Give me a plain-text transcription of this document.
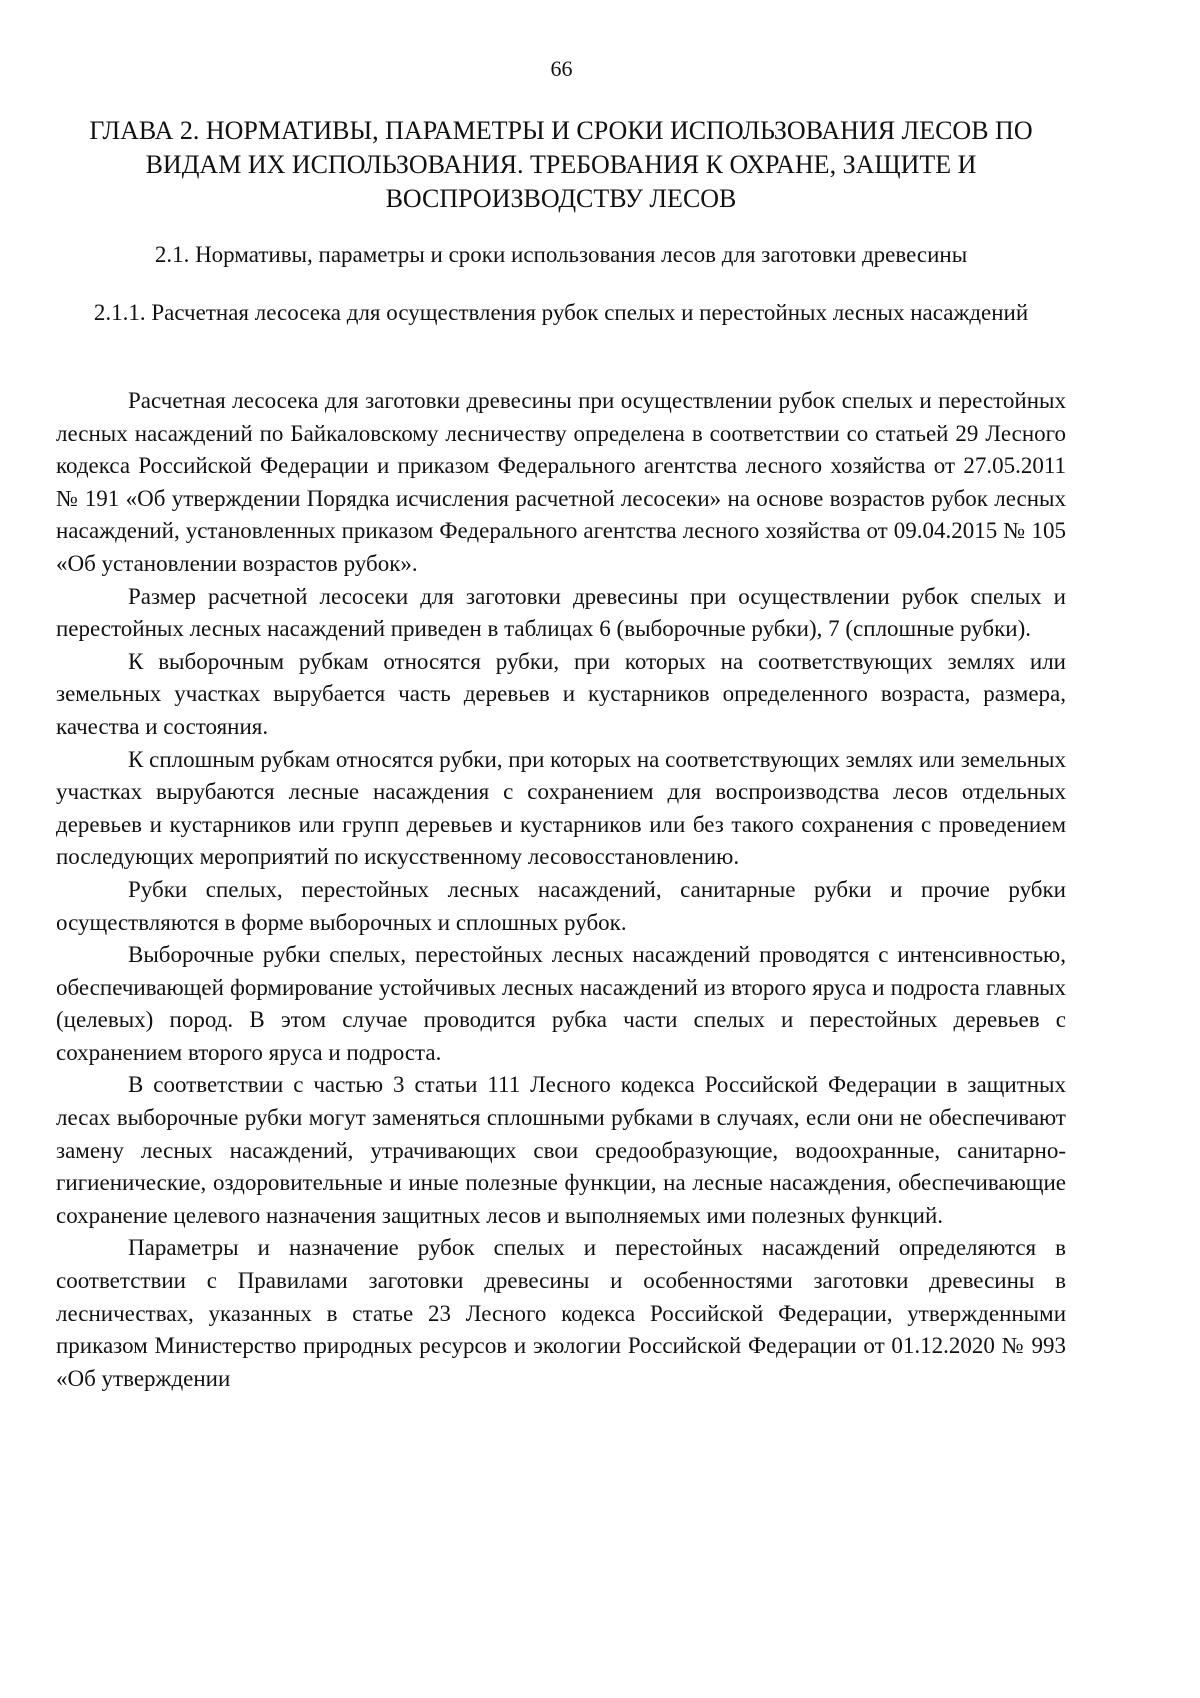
66
ГЛАВА 2. НОРМАТИВЫ, ПАРАМЕТРЫ И СРОКИ ИСПОЛЬЗОВАНИЯ ЛЕСОВ ПО ВИДАМ ИХ ИСПОЛЬЗОВАНИЯ. ТРЕБОВАНИЯ К ОХРАНЕ, ЗАЩИТЕ И ВОСПРОИЗВОДСТВУ ЛЕСОВ
2.1. Нормативы, параметры и сроки использования лесов для заготовки древесины
2.1.1. Расчетная лесосека для осуществления рубок спелых и перестойных лесных насаждений

Расчетная лесосека для заготовки древесины при осуществлении рубок спелых и перестойных лесных насаждений по Байкаловскому лесничеству определена в соответствии со статьей 29 Лесного кодекса Российской Федерации и приказом Федерального агентства лесного хозяйства от 27.05.2011 № 191 «Об утверждении Порядка исчисления расчетной лесосеки» на основе возрастов рубок лесных насаждений, установленных приказом Федерального агентства лесного хозяйства от 09.04.2015 № 105 «Об установлении возрастов рубок».

Размер расчетной лесосеки для заготовки древесины при осуществлении рубок спелых и перестойных лесных насаждений приведен в таблицах 6 (выборочные рубки), 7 (сплошные рубки).

К выборочным рубкам относятся рубки, при которых на соответствующих землях или земельных участках вырубается часть деревьев и кустарников определенного возраста, размера, качества и состояния.

К сплошным рубкам относятся рубки, при которых на соответствующих землях или земельных участках вырубаются лесные насаждения с сохранением для воспроизводства лесов отдельных деревьев и кустарников или групп деревьев и кустарников или без такого сохранения с проведением последующих мероприятий по искусственному лесовосстановлению.

Рубки спелых, перестойных лесных насаждений, санитарные рубки и прочие рубки осуществляются в форме выборочных и сплошных рубок.

Выборочные рубки спелых, перестойных лесных насаждений проводятся с интенсивностью, обеспечивающей формирование устойчивых лесных насаждений из второго яруса и подроста главных (целевых) пород. В этом случае проводится рубка части спелых и перестойных деревьев с сохранением второго яруса и подроста.

В соответствии с частью 3 статьи 111 Лесного кодекса Российской Федерации в защитных лесах выборочные рубки могут заменяться сплошными рубками в случаях, если они не обеспечивают замену лесных насаждений, утрачивающих свои средообразующие, водоохранные, санитарно-гигиенические, оздоровительные и иные полезные функции, на лесные насаждения, обеспечивающие сохранение целевого назначения защитных лесов и выполняемых ими полезных функций.

Параметры и назначение рубок спелых и перестойных насаждений определяются в соответствии с Правилами заготовки древесины и особенностями заготовки древесины в лесничествах, указанных в статье 23 Лесного кодекса Российской Федерации, утвержденными приказом Министерство природных ресурсов и экологии Российской Федерации от 01.12.2020 № 993 «Об утверждении
